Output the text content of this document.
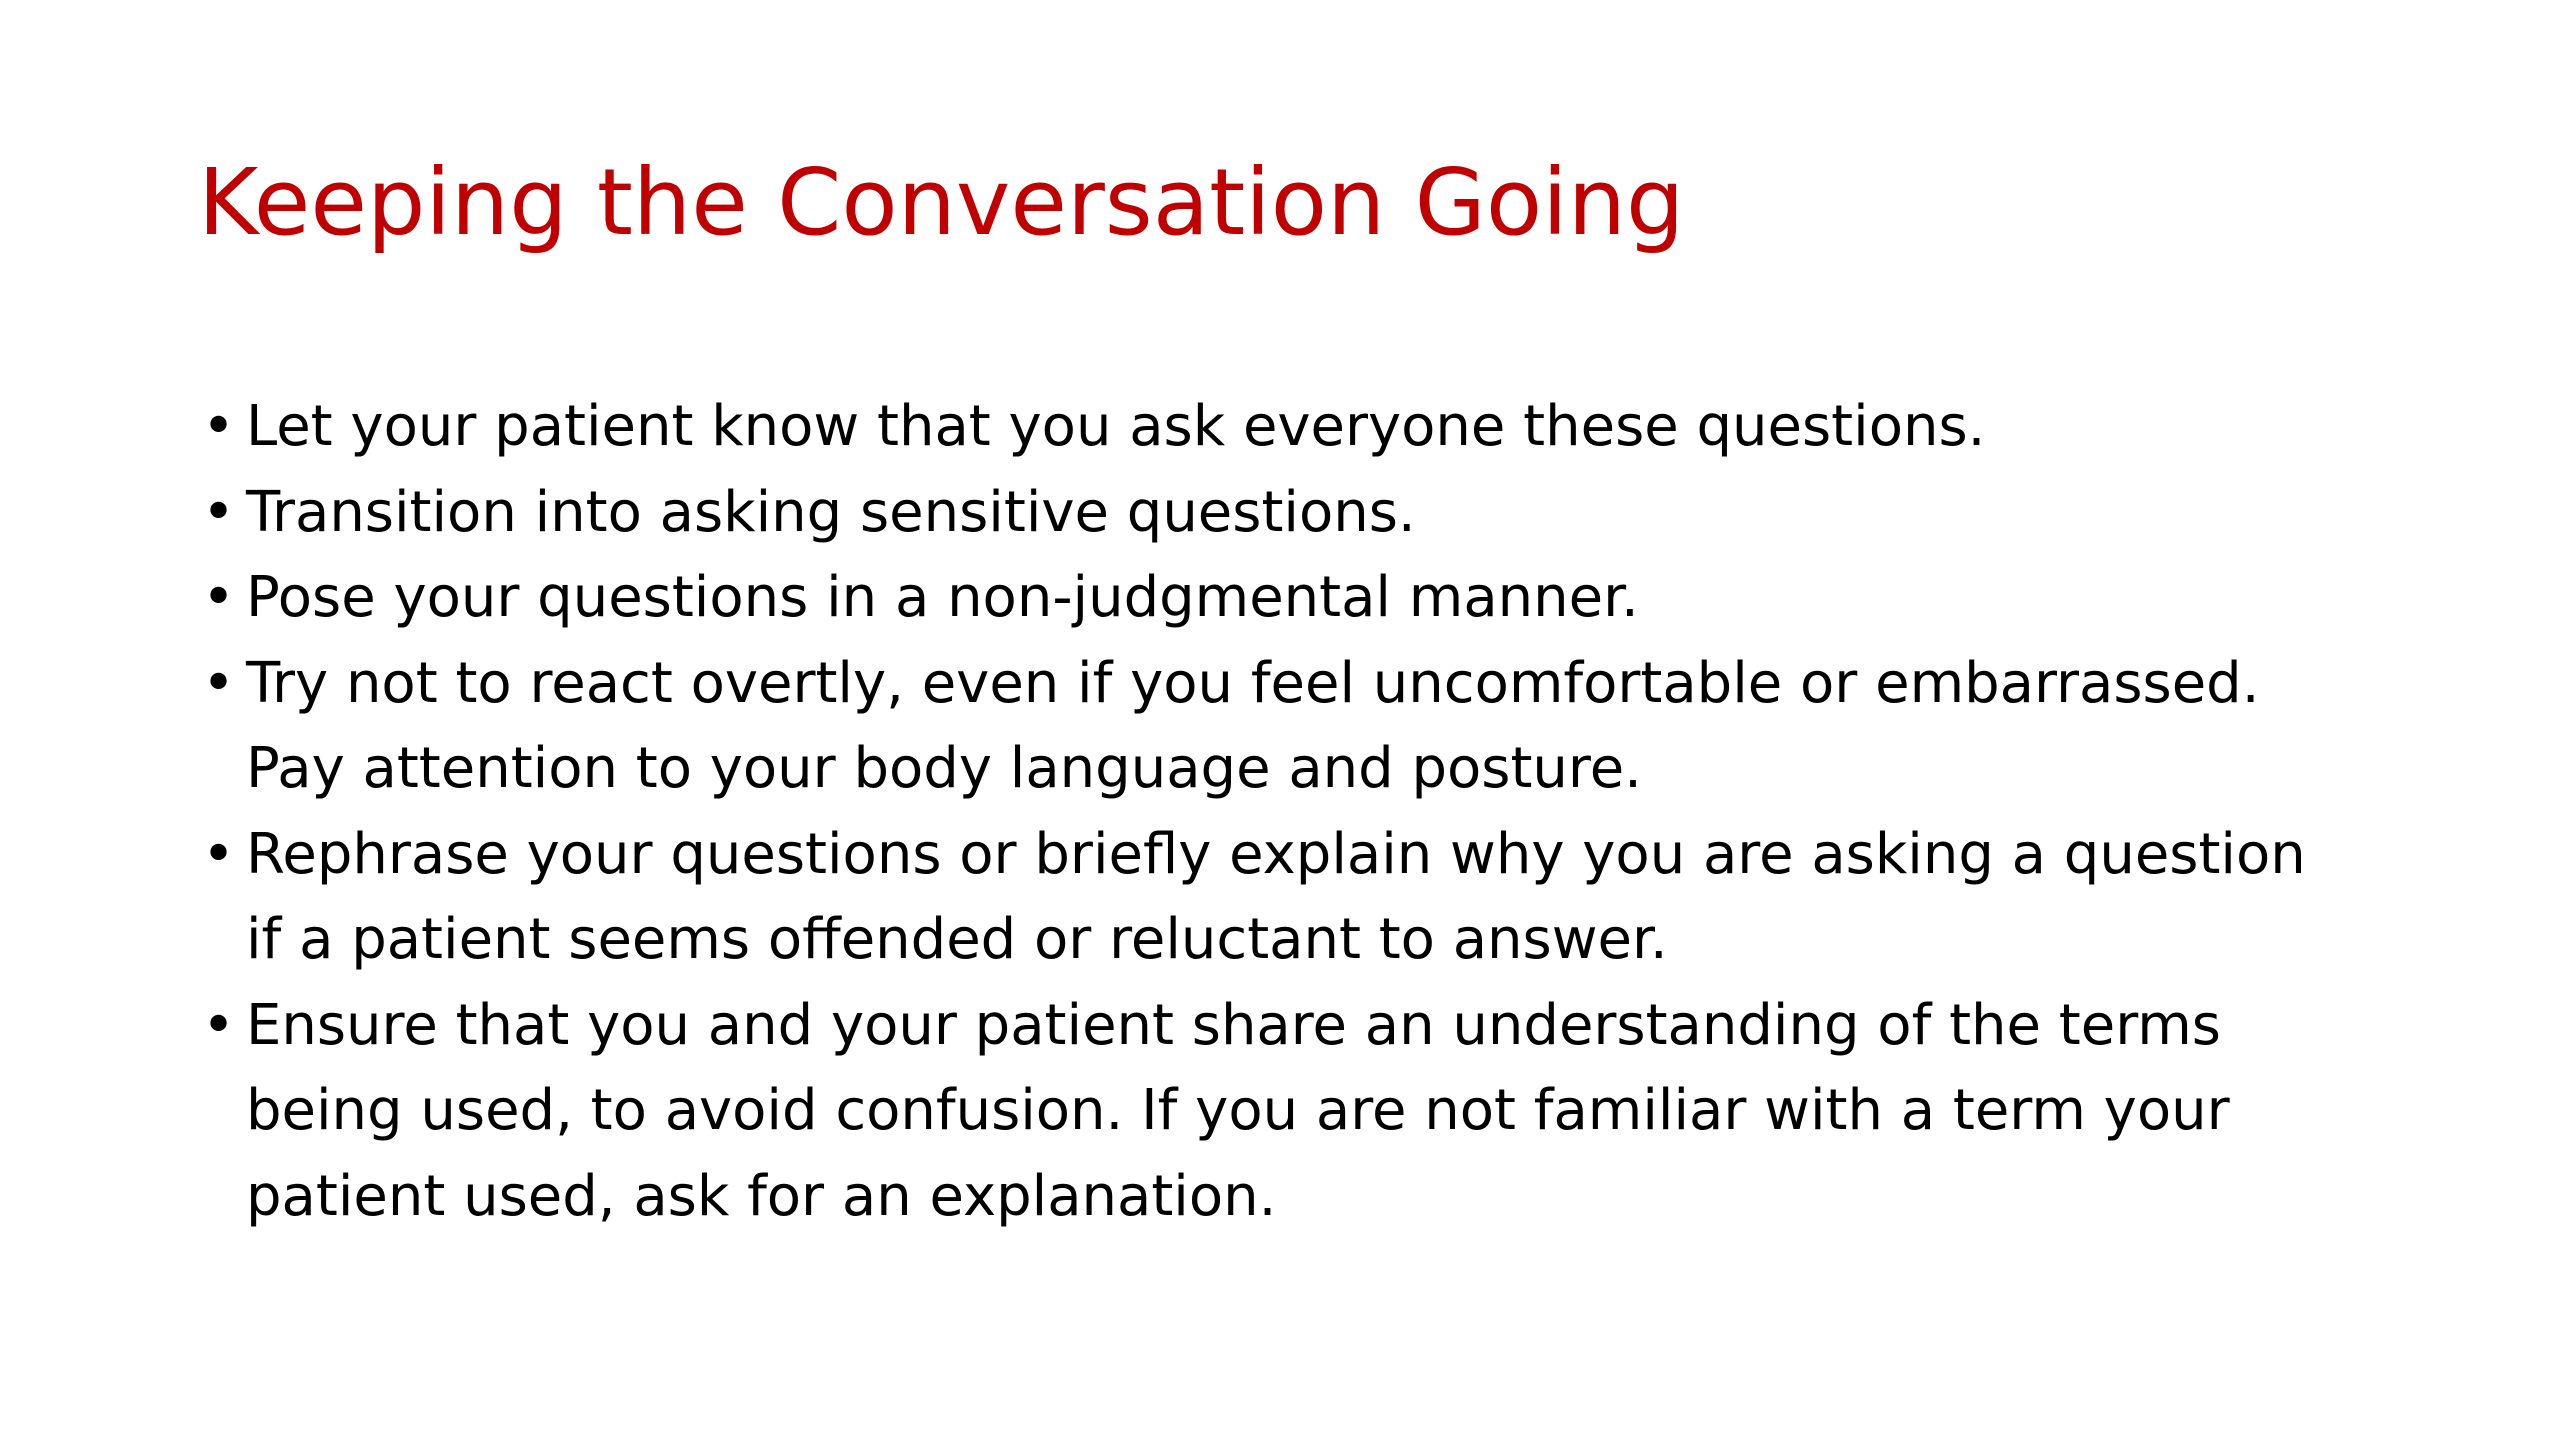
Keeping the Conversation Going
• Let your patient know that you ask everyone these questions.
• Transition into asking sensitive questions.
• Pose your questions in a non-judgmental manner.
• Try not to react overtly, even if you feel uncomfortable or embarrassed. Pay attention to your body language and posture.
• Rephrase your questions or briefly explain why you are asking a question if a patient seems offended or reluctant to answer.
• Ensure that you and your patient share an understanding of the terms being used, to avoid confusion. If you are not familiar with a term your patient used, ask for an explanation.
